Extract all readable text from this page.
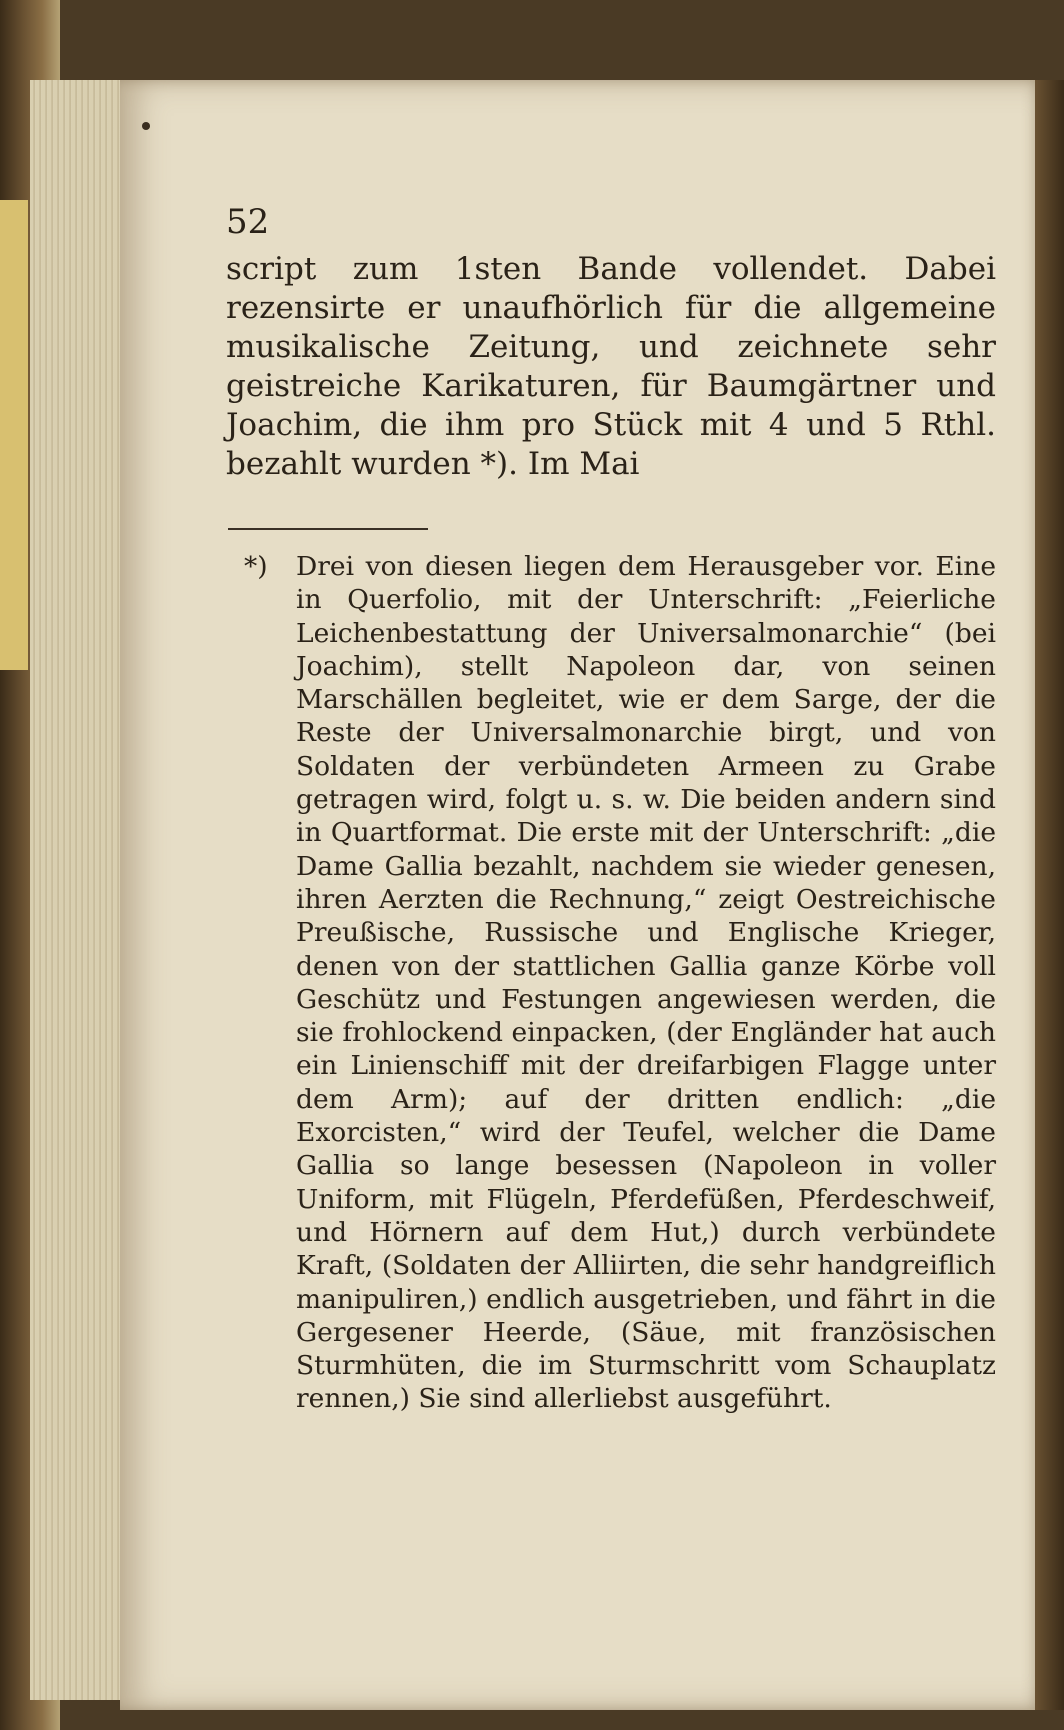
52

script zum 1sten Bande vollendet. Dabei rezensirte er unaufhörlich für die allgemeine musikalische Zeitung, und zeichnete sehr geistreiche Karikaturen, für Baumgärtner und Joachim, die ihm pro Stück mit 4 und 5 Rthl. bezahlt wurden *). Im Mai

*) Drei von diesen liegen dem Herausgeber vor. Eine in Querfolio, mit der Unterschrift: „Feierliche Leichenbestattung der Universalmonarchie“ (bei Joachim), stellt Napoleon dar, von seinen Marschällen begleitet, wie er dem Sarge, der die Reste der Universalmonarchie birgt, und von Soldaten der verbündeten Armeen zu Grabe getragen wird, folgt u. s. w. Die beiden andern sind in Quartformat. Die erste mit der Unterschrift: „die Dame Gallia bezahlt, nachdem sie wieder genesen, ihren Aerzten die Rechnung,“ zeigt Oestreichische Preußische, Russische und Englische Krieger, denen von der stattlichen Gallia ganze Körbe voll Geschütz und Festungen angewiesen werden, die sie frohlockend einpacken, (der Engländer hat auch ein Linienschiff mit der dreifarbigen Flagge unter dem Arm); auf der dritten endlich: „die Exorcisten,“ wird der Teufel, welcher die Dame Gallia so lange besessen (Napoleon in voller Uniform, mit Flügeln, Pferdefüßen, Pferdeschweif, und Hörnern auf dem Hut,) durch verbündete Kraft, (Soldaten der Alliirten, die sehr handgreiflich manipuliren,) endlich ausgetrieben, und fährt in die Gergesener Heerde, (Säue, mit französischen Sturmhüten, die im Sturmschritt vom Schauplatz rennen,) Sie sind allerliebst ausgeführt.
